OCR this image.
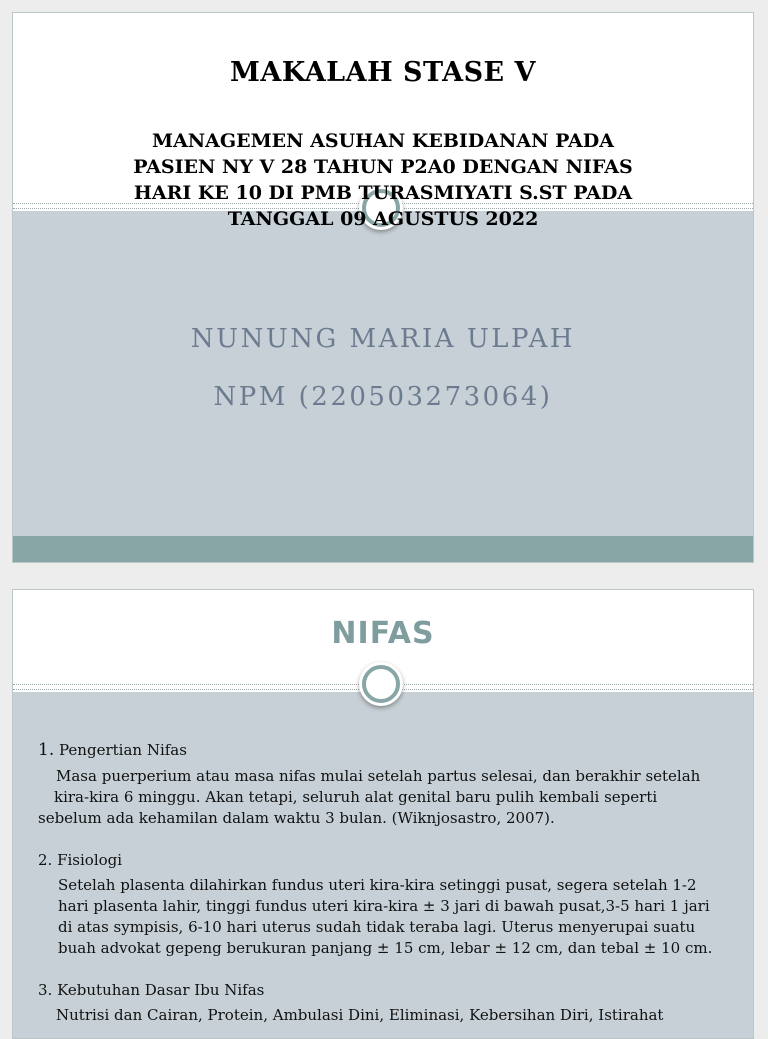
MAKALAH STASE V
MANAGEMEN ASUHAN KEBIDANAN PADA
PASIEN NY V 28 TAHUN P2A0 DENGAN NIFAS
HARI KE 10 DI PMB TURASMIYATI S.ST PADA
TANGGAL 09 AGUSTUS 2022
NUNUNG MARIA ULPAH
NPM (220503273064)
NIFAS
1. Pengertian Nifas
Masa puerperium atau masa nifas mulai setelah partus selesai, dan berakhir setelah
kira-kira 6 minggu. Akan tetapi, seluruh alat genital baru pulih kembali seperti
sebelum ada kehamilan dalam waktu 3 bulan. (Wiknjosastro, 2007).
2. Fisiologi
Setelah plasenta dilahirkan fundus uteri kira-kira setinggi pusat, segera setelah 1-2
hari plasenta lahir, tinggi fundus uteri kira-kira ± 3 jari di bawah pusat,3-5 hari 1 jari
di atas sympisis, 6-10 hari uterus sudah tidak teraba lagi. Uterus menyerupai suatu
buah advokat gepeng berukuran panjang ± 15 cm, lebar ± 12 cm, dan tebal ± 10 cm.
3. Kebutuhan Dasar Ibu Nifas
Nutrisi dan Cairan, Protein, Ambulasi Dini, Eliminasi, Kebersihan Diri, Istirahat
